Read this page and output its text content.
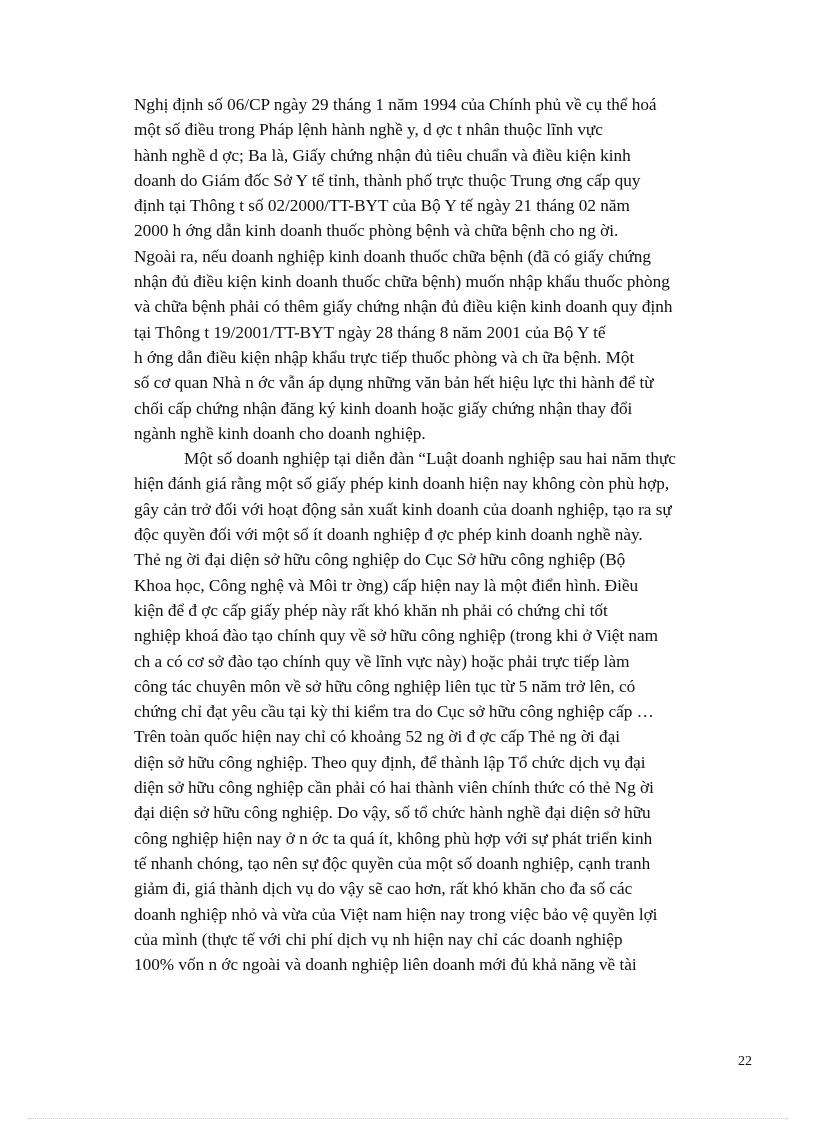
Nghị định số 06/CP ngày 29 tháng 1 năm 1994 của Chính phủ về cụ thể hoá
một số điều trong Pháp lệnh hành nghề y, d ợc t nhân thuộc lĩnh vực
hành nghề d ợc; Ba là, Giấy chứng nhận đủ tiêu chuẩn và điều kiện kinh
doanh do Giám đốc Sở Y tế tỉnh, thành phố trực thuộc Trung ơng cấp quy
định tại Thông t số 02/2000/TT-BYT của Bộ Y tế ngày 21 tháng 02 năm
2000 h ớng dẫn kinh doanh thuốc phòng bệnh và chữa bệnh cho ng ời.
Ngoài ra, nếu doanh nghiệp kinh doanh thuốc chữa bệnh (đã có giấy chứng
nhận đủ điều kiện kinh doanh thuốc chữa bệnh) muốn nhập khẩu thuốc phòng
và chữa bệnh phải có thêm giấy chứng nhận đủ điều kiện kinh doanh quy định
tại Thông t 19/2001/TT-BYT ngày 28 tháng 8 năm 2001 của Bộ Y tế
h ớng dẫn điều kiện nhập khẩu trực tiếp thuốc phòng và ch ữa bệnh. Một
số cơ quan Nhà n ớc vẫn áp dụng những văn bản hết hiệu lực thi hành để từ
chối cấp chứng nhận đăng ký kinh doanh hoặc giấy chứng nhận thay đổi
ngành nghề kinh doanh cho doanh nghiệp.
Một số doanh nghiệp tại diễn đàn “Luật doanh nghiệp sau hai năm thực
hiện đánh giá rằng một số giấy phép kinh doanh hiện nay không còn phù hợp,
gây cản trở đối với hoạt động sản xuất kinh doanh của doanh nghiệp, tạo ra sự
độc quyền đối với một số ít doanh nghiệp đ ợc phép kinh doanh nghề này.
Thẻ ng ời đại diện sở hữu công nghiệp do Cục Sở hữu công nghiệp (Bộ
Khoa học, Công nghệ và Môi tr ờng) cấp hiện nay là một điển hình. Điều
kiện để đ ợc cấp giấy phép này rất khó khăn nh phải có chứng chỉ tốt
nghiệp khoá đào tạo chính quy về sở hữu công nghiệp (trong khi ở Việt nam
ch a có cơ sở đào tạo chính quy về lĩnh vực này) hoặc phải trực tiếp làm
công tác chuyên môn về sở hữu công nghiệp liên tục từ 5 năm trở lên, có
chứng chỉ đạt yêu cầu tại kỳ thi kiểm tra do Cục sở hữu công nghiệp cấp …
Trên toàn quốc hiện nay chỉ có khoảng 52 ng ời đ ợc cấp Thẻ ng ời đại
diện sở hữu công nghiệp. Theo quy định, để thành lập Tổ chức dịch vụ đại
diện sở hữu công nghiệp cần phải có hai thành viên chính thức có thẻ Ng ời
đại diện sở hữu công nghiệp. Do vậy, số tổ chức hành nghề đại diện sở hữu
công nghiệp hiện nay ở n ớc ta quá ít, không phù hợp với sự phát triển kinh
tế nhanh chóng, tạo nên sự độc quyền của một số doanh nghiệp, cạnh tranh
giảm đi, giá thành dịch vụ do vậy sẽ cao hơn, rất khó khăn cho đa số các
doanh nghiệp nhỏ và vừa của Việt nam hiện nay trong việc bảo vệ quyền lợi
của mình (thực tế với chi phí dịch vụ nh hiện nay chỉ các doanh nghiệp
100% vốn n ớc ngoài và doanh nghiệp liên doanh mới đủ khả năng về tài
22
